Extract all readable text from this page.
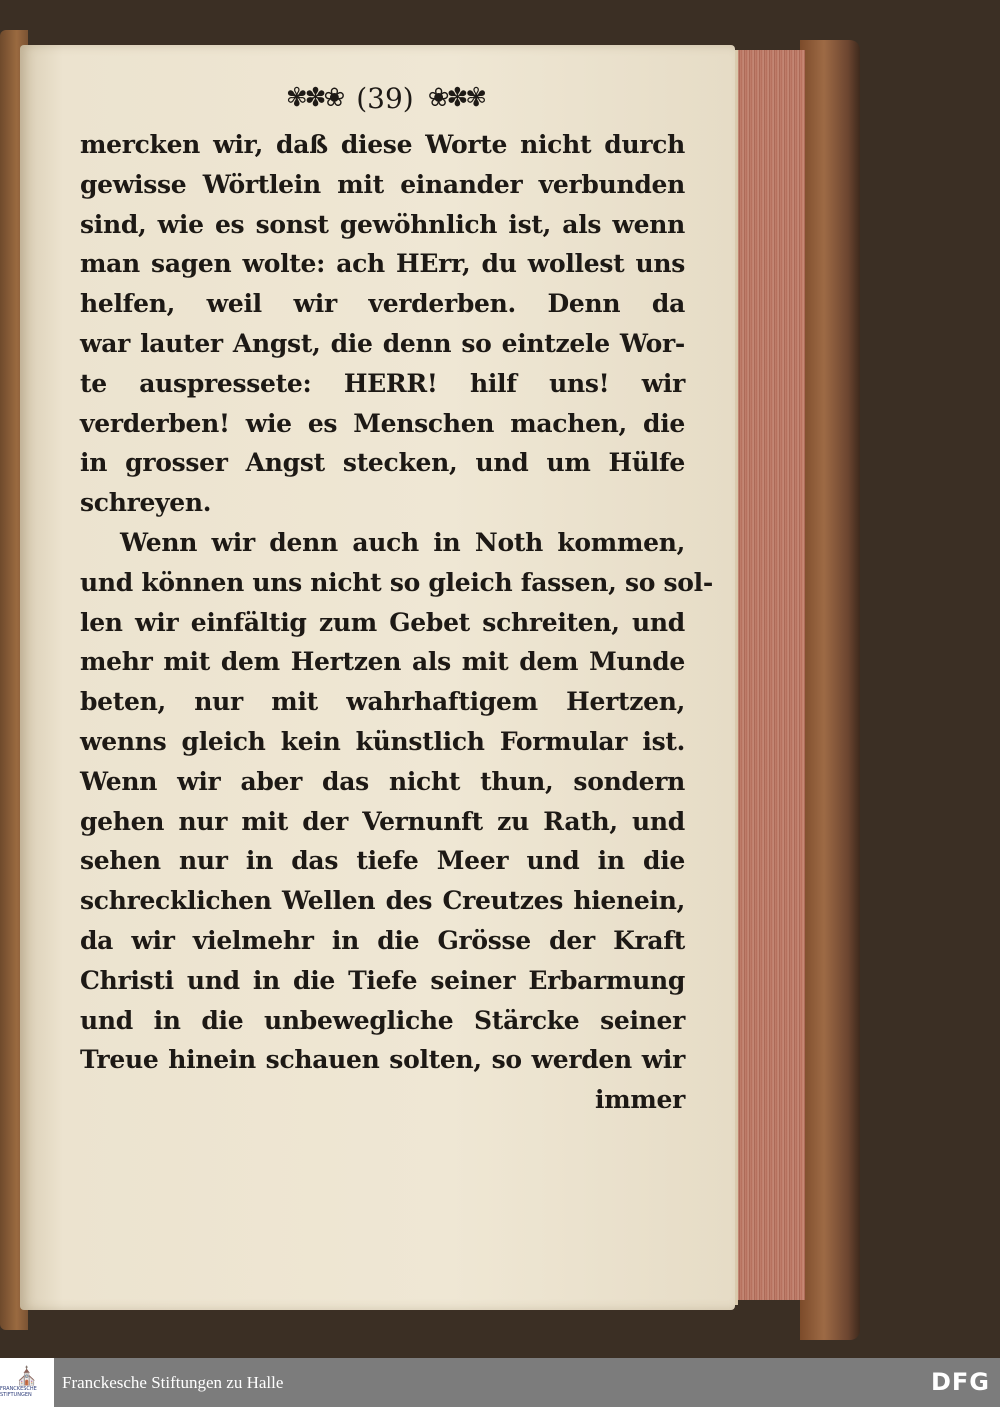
✾✽❀ (39) ❀✽✾
mercken wir, daß diese Worte nicht durch
gewisse Wörtlein mit einander verbunden
sind, wie es sonst gewöhnlich ist, als wenn
man sagen wolte: ach HErr, du wollest uns
helfen, weil wir verderben. Denn da
war lauter Angst, die denn so eintzele Wor-
te auspressete: HERR! hilf uns! wir
verderben! wie es Menschen machen, die
in grosser Angst stecken, und um Hülfe
schreyen.
Wenn wir denn auch in Noth kommen,
und können uns nicht so gleich fassen, so sol-
len wir einfältig zum Gebet schreiten, und
mehr mit dem Hertzen als mit dem Munde
beten, nur mit wahrhaftigem Hertzen,
wenns gleich kein künstlich Formular ist.
Wenn wir aber das nicht thun, sondern
gehen nur mit der Vernunft zu Rath, und
sehen nur in das tiefe Meer und in die
schrecklichen Wellen des Creutzes hienein,
da wir vielmehr in die Grösse der Kraft
Christi und in die Tiefe seiner Erbarmung
und in die unbewegliche Stärcke seiner
Treue hinein schauen solten, so werden wir
immer
⛪
FRANCKESCHE STIFTUNGEN
Franckesche Stiftungen zu Halle	DFG
